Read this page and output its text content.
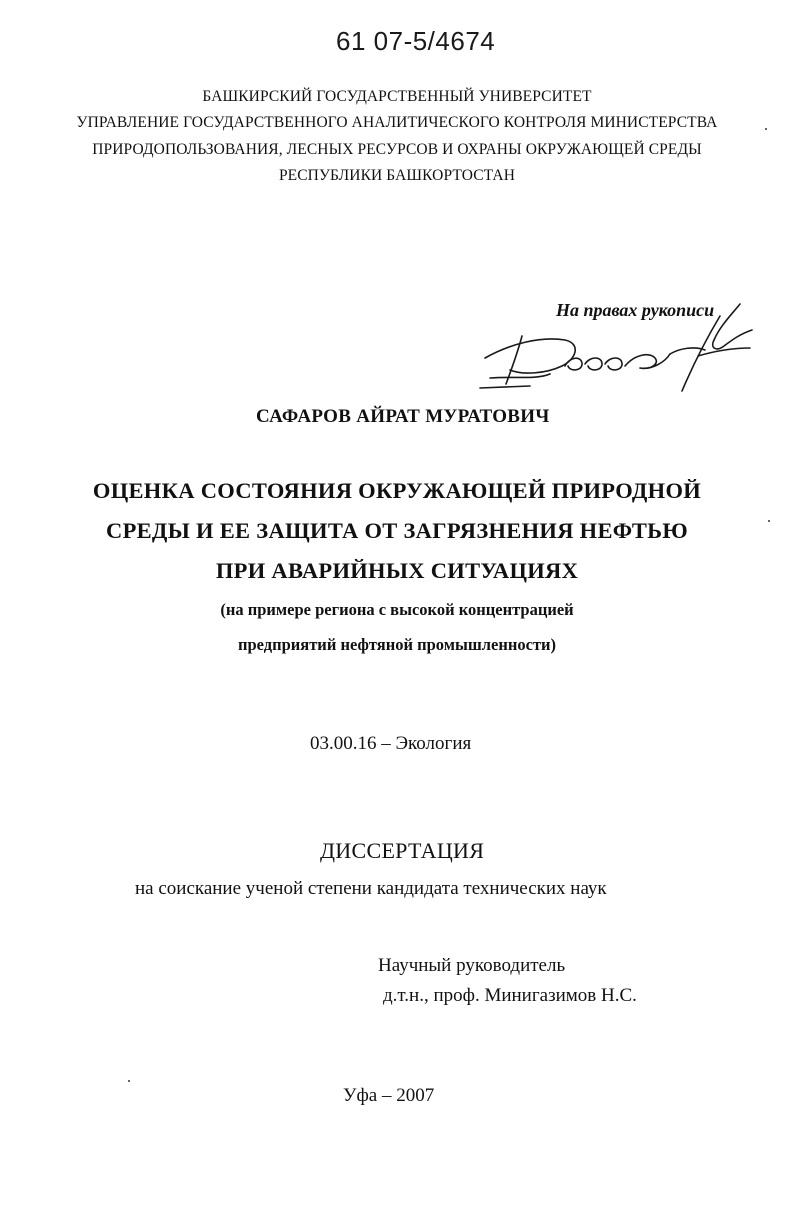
61 07-5/4674
БАШКИРСКИЙ ГОСУДАРСТВЕННЫЙ УНИВЕРСИТЕТ
УПРАВЛЕНИЕ ГОСУДАРСТВЕННОГО АНАЛИТИЧЕСКОГО КОНТРОЛЯ МИНИСТЕРСТВА
ПРИРОДОПОЛЬЗОВАНИЯ, ЛЕСНЫХ РЕСУРСОВ И ОХРАНЫ ОКРУЖАЮЩЕЙ СРЕДЫ
РЕСПУБЛИКИ БАШКОРТОСТАН
На правах рукописи
САФАРОВ АЙРАТ МУРАТОВИЧ
ОЦЕНКА СОСТОЯНИЯ ОКРУЖАЮЩЕЙ ПРИРОДНОЙ
СРЕДЫ И ЕЕ ЗАЩИТА ОТ ЗАГРЯЗНЕНИЯ НЕФТЬЮ
ПРИ АВАРИЙНЫХ СИТУАЦИЯХ
(на примере региона с высокой концентрацией
предприятий нефтяной промышленности)
03.00.16 – Экология
ДИССЕРТАЦИЯ
на соискание ученой степени кандидата технических наук
Научный руководитель
д.т.н., проф. Минигазимов Н.С.
Уфа – 2007
